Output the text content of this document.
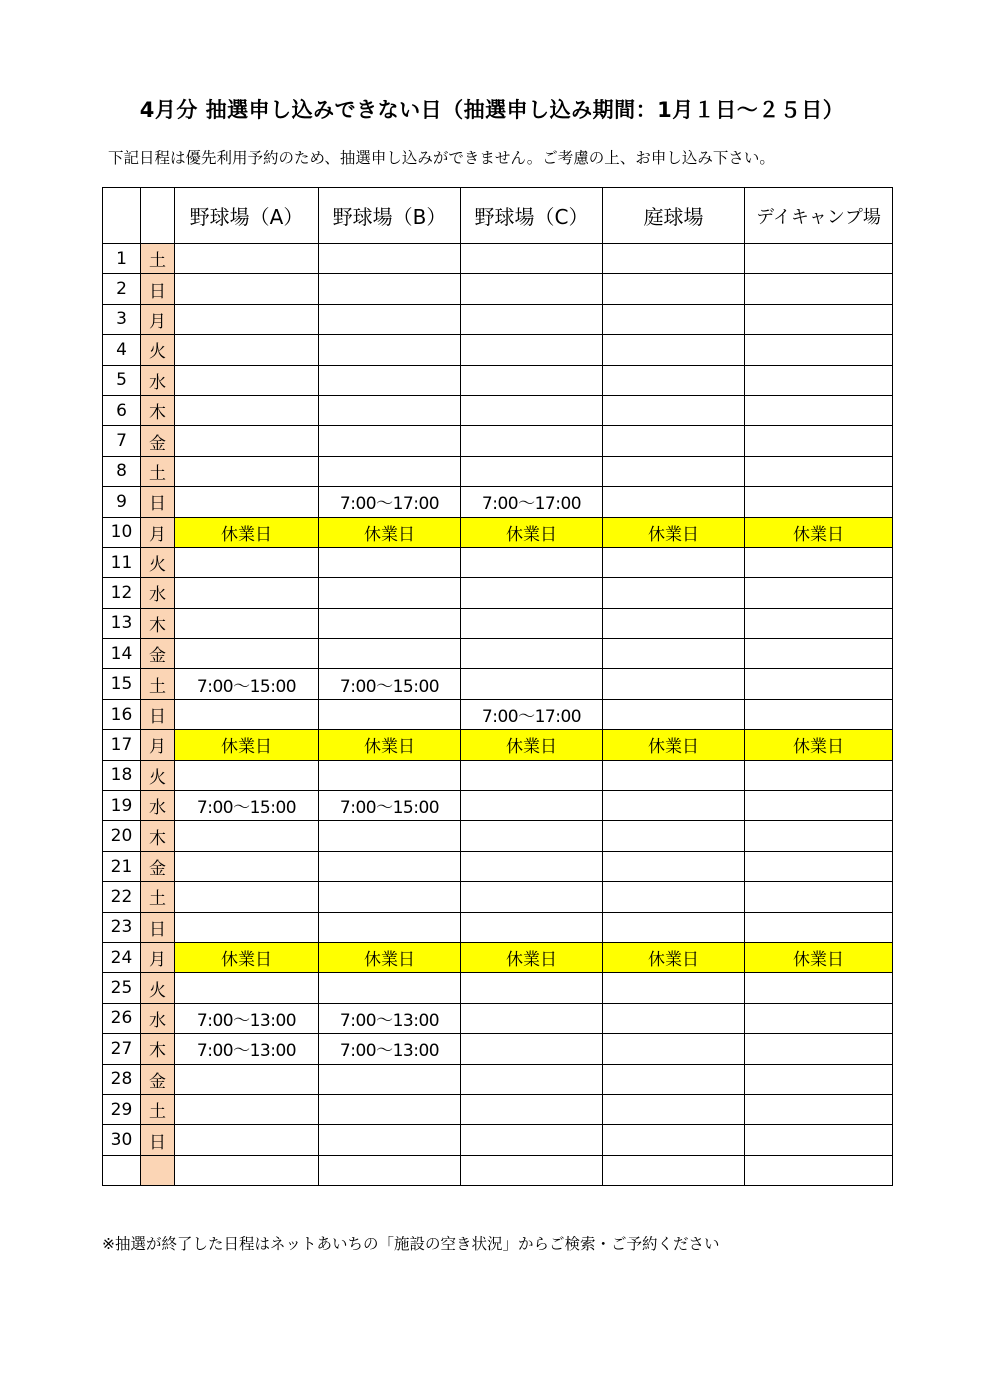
4月分 抽選申し込みできない日（抽選申し込み期間：1月１日～２５日）
下記日程は優先利用予約のため、抽選申し込みができません。ご考慮の上、お申し込み下さい。
		野球場（A）	野球場（B）	野球場（C）	庭球場	デイキャンプ場
1	土					
2	日					
3	月					
4	火					
5	水					
6	木					
7	金					
8	土					
9	日		7:00～17:00	7:00～17:00		
10	月	休業日	休業日	休業日	休業日	休業日
11	火					
12	水					
13	木					
14	金					
15	土	7:00～15:00	7:00～15:00			
16	日			7:00～17:00		
17	月	休業日	休業日	休業日	休業日	休業日
18	火					
19	水	7:00～15:00	7:00～15:00			
20	木					
21	金					
22	土					
23	日					
24	月	休業日	休業日	休業日	休業日	休業日
25	火					
26	水	7:00～13:00	7:00～13:00			
27	木	7:00～13:00	7:00～13:00			
28	金					
29	土					
30	日					

※抽選が終了した日程はネットあいちの「施設の空き状況」からご検索・ご予約ください
